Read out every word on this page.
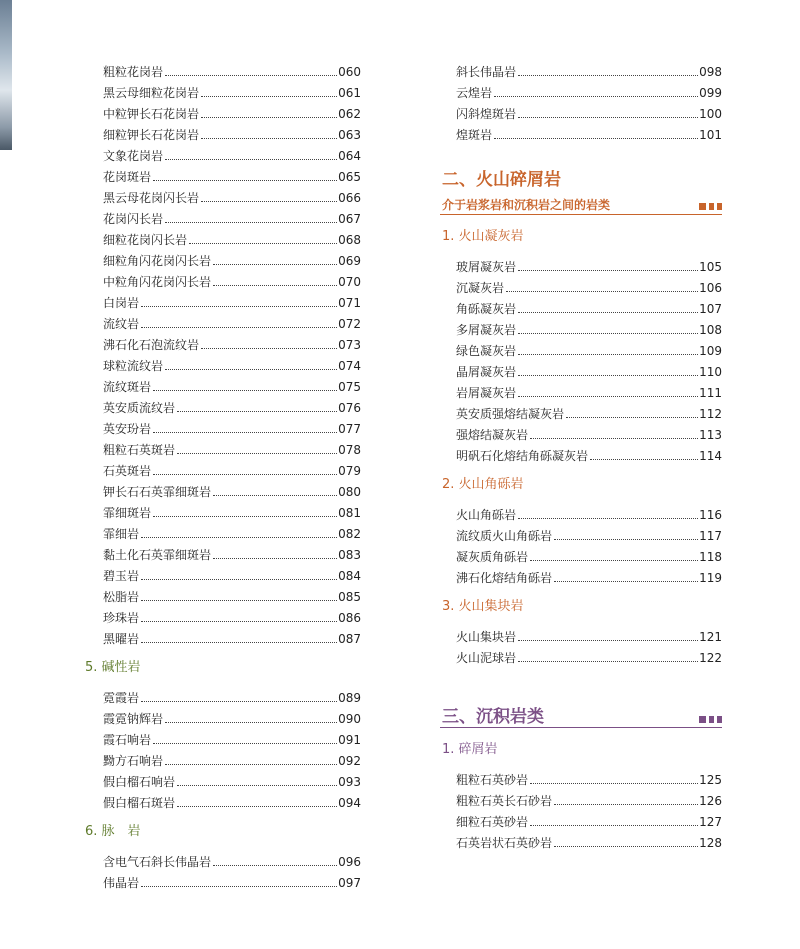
粗粒花岗岩	060
黑云母细粒花岗岩	061
中粒钾长石花岗岩	062
细粒钾长石花岗岩	063
文象花岗岩	064
花岗斑岩	065
黑云母花岗闪长岩	066
花岗闪长岩	067
细粒花岗闪长岩	068
细粒角闪花岗闪长岩	069
中粒角闪花岗闪长岩	070
白岗岩	071
流纹岩	072
沸石化石泡流纹岩	073
球粒流纹岩	074
流纹斑岩	075
英安质流纹岩	076
英安玢岩	077
粗粒石英斑岩	078
石英斑岩	079
钾长石石英霏细斑岩	080
霏细斑岩	081
霏细岩	082
黏土化石英霏细斑岩	083
碧玉岩	084
松脂岩	085
珍珠岩	086
黑曜岩	087
5. 碱性岩
霓霞岩	089
霞霓钠辉岩	090
霞石响岩	091
黝方石响岩	092
假白榴石响岩	093
假白榴石斑岩	094
6. 脉　岩
含电气石斜长伟晶岩	096
伟晶岩	097
斜长伟晶岩	098
云煌岩	099
闪斜煌斑岩	100
煌斑岩	101
二、火山碎屑岩
介于岩浆岩和沉积岩之间的岩类
1. 火山凝灰岩
玻屑凝灰岩	105
沉凝灰岩	106
角砾凝灰岩	107
多屑凝灰岩	108
绿色凝灰岩	109
晶屑凝灰岩	110
岩屑凝灰岩	111
英安质强熔结凝灰岩	112
强熔结凝灰岩	113
明矾石化熔结角砾凝灰岩	114
2. 火山角砾岩
火山角砾岩	116
流纹质火山角砾岩	117
凝灰质角砾岩	118
沸石化熔结角砾岩	119
3. 火山集块岩
火山集块岩	121
火山泥球岩	122
三、沉积岩类
1. 碎屑岩
粗粒石英砂岩	125
粗粒石英长石砂岩	126
细粒石英砂岩	127
石英岩状石英砂岩	128
